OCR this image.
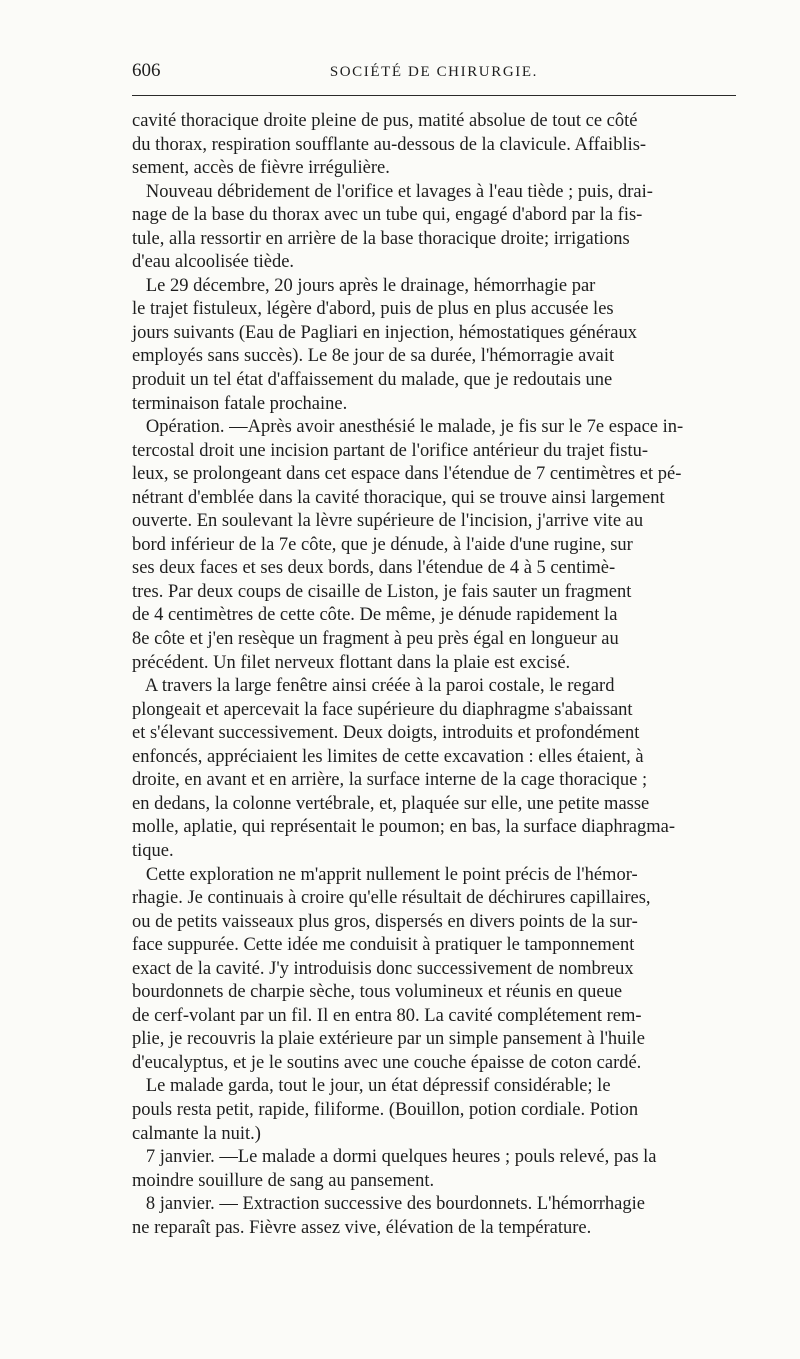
606	SOCIÉTÉ DE CHIRURGIE.
cavité thoracique droite pleine de pus, matité absolue de tout ce côté
du thorax, respiration soufflante au-dessous de la clavicule. Affaiblis-
sement, accès de fièvre irrégulière.
Nouveau débridement de l'orifice et lavages à l'eau tiède ; puis, drai-
nage de la base du thorax avec un tube qui, engagé d'abord par la fis-
tule, alla ressortir en arrière de la base thoracique droite; irrigations
d'eau alcoolisée tiède.
Le 29 décembre, 20 jours après le drainage, hémorrhagie par
le trajet fistuleux, légère d'abord, puis de plus en plus accusée les
jours suivants (Eau de Pagliari en injection, hémostatiques généraux
employés sans succès). Le 8e jour de sa durée, l'hémorragie avait
produit un tel état d'affaissement du malade, que je redoutais une
terminaison fatale prochaine.
Opération. —Après avoir anesthésié le malade, je fis sur le 7e espace in-
tercostal droit une incision partant de l'orifice antérieur du trajet fistu-
leux, se prolongeant dans cet espace dans l'étendue de 7 centimètres et pé-
nétrant d'emblée dans la cavité thoracique, qui se trouve ainsi largement
ouverte. En soulevant la lèvre supérieure de l'incision, j'arrive vite au
bord inférieur de la 7e côte, que je dénude, à l'aide d'une rugine, sur
ses deux faces et ses deux bords, dans l'étendue de 4 à 5 centimè-
tres. Par deux coups de cisaille de Liston, je fais sauter un fragment
de 4 centimètres de cette côte. De même, je dénude rapidement la
8e côte et j'en resèque un fragment à peu près égal en longueur au
précédent. Un filet nerveux flottant dans la plaie est excisé.
A travers la large fenêtre ainsi créée à la paroi costale, le regard
plongeait et apercevait la face supérieure du diaphragme s'abaissant
et s'élevant successivement. Deux doigts, introduits et profondément
enfoncés, appréciaient les limites de cette excavation : elles étaient, à
droite, en avant et en arrière, la surface interne de la cage thoracique ;
en dedans, la colonne vertébrale, et, plaquée sur elle, une petite masse
molle, aplatie, qui représentait le poumon; en bas, la surface diaphragma-
tique.
Cette exploration ne m'apprit nullement le point précis de l'hémor-
rhagie. Je continuais à croire qu'elle résultait de déchirures capillaires,
ou de petits vaisseaux plus gros, dispersés en divers points de la sur-
face suppurée. Cette idée me conduisit à pratiquer le tamponnement
exact de la cavité. J'y introduisis donc successivement de nombreux
bourdonnets de charpie sèche, tous volumineux et réunis en queue
de cerf-volant par un fil. Il en entra 80. La cavité complétement rem-
plie, je recouvris la plaie extérieure par un simple pansement à l'huile
d'eucalyptus, et je le soutins avec une couche épaisse de coton cardé.
Le malade garda, tout le jour, un état dépressif considérable; le
pouls resta petit, rapide, filiforme. (Bouillon, potion cordiale. Potion
calmante la nuit.)
7 janvier. —Le malade a dormi quelques heures ; pouls relevé, pas la
moindre souillure de sang au pansement.
8 janvier. — Extraction successive des bourdonnets. L'hémorrhagie
ne reparaît pas. Fièvre assez vive, élévation de la température.
